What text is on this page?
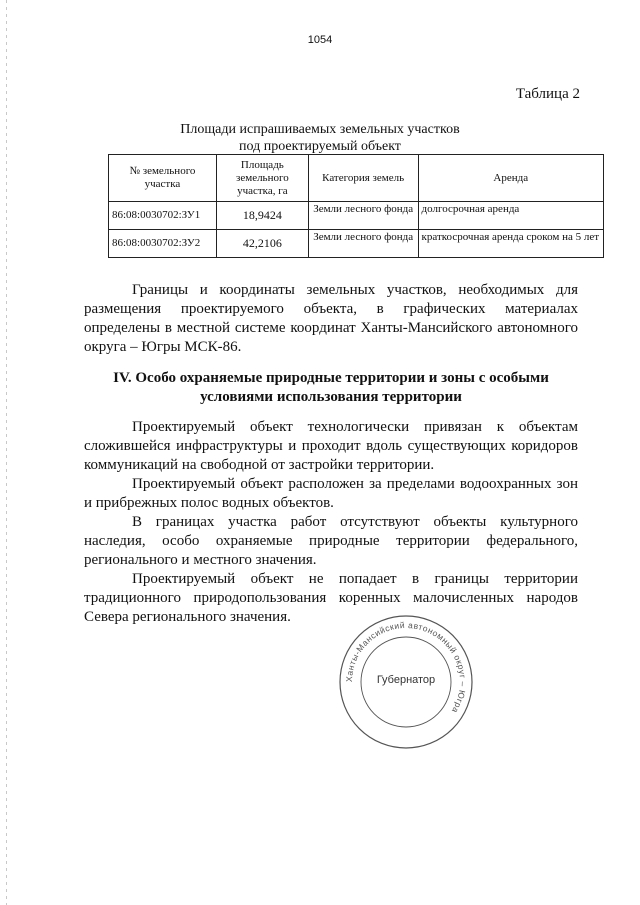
1054
Таблица 2
Площади испрашиваемых земельных участков
под проектируемый объект
№ земельного участка	Площадь земельного участка, га	Категория земель	Аренда
86:08:0030702:ЗУ1	18,9424	Земли лесного фонда	долгосрочная аренда
86:08:0030702:ЗУ2	42,2106	Земли лесного фонда	краткосрочная аренда сроком на 5 лет

Границы и координаты земельных участков, необходимых для размещения проектируемого объекта, в графических материалах определены в местной системе координат Ханты-Мансийского автономного округа – Югры МСК-86.

IV. Особо охраняемые природные территории и зоны с особыми
условиями использования территории

Проектируемый объект технологически привязан к объектам сложившейся инфраструктуры и проходит вдоль существующих коридоров коммуникаций на свободной от застройки территории.

Проектируемый объект расположен за пределами водоохранных зон и прибрежных полос водных объектов.

В границах участка работ отсутствуют объекты культурного наследия, особо охраняемые природные территории федерального, регионального и местного значения.

Проектируемый объект не попадает в границы территории традиционного природопользования коренных малочисленных народов Севера регионального значения.

Ханты-Мансийский автономный округ – Югра
Губернатор
